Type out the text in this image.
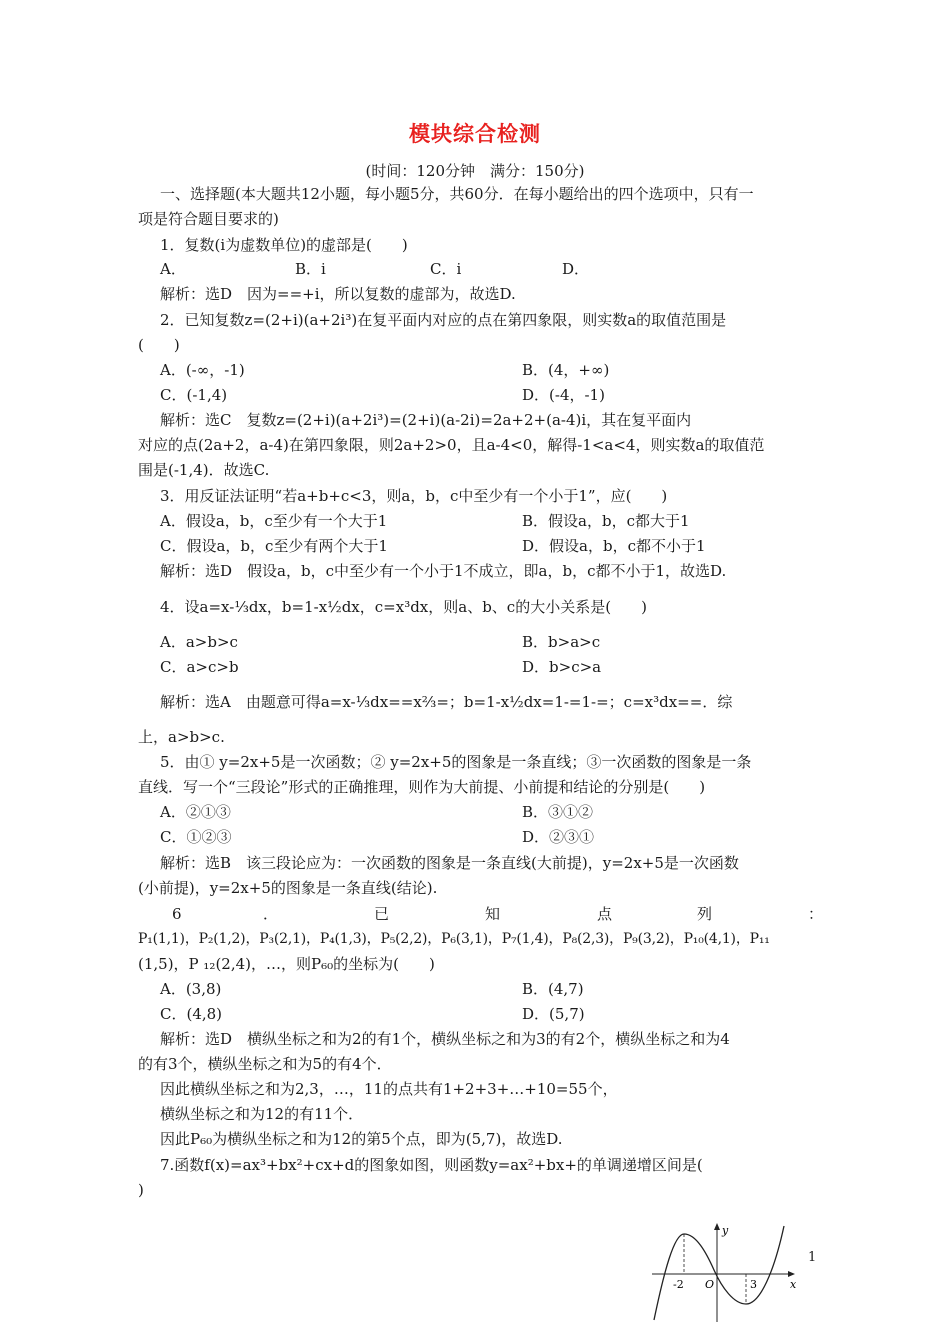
模块综合检测
(时间：120分钟　满分：150分)
一、选择题(本大题共12小题，每小题5分，共60分．在每小题给出的四个选项中，只有一
项是符合题目要求的)
1．复数(i为虚数单位)的虚部是(　　)
A．	B．i	C．i	D．
解析：选D　因为==+i，所以复数的虚部为，故选D.
2．已知复数z=(2+i)(a+2i³)在复平面内对应的点在第四象限，则实数a的取值范围是
(　　)
A．(-∞，-1)	B．(4，+∞)
C．(-1,4)	D．(-4，-1)
解析：选C　复数z=(2+i)(a+2i³)=(2+i)(a-2i)=2a+2+(a-4)i，其在复平面内
对应的点(2a+2，a-4)在第四象限，则2a+2>0，且a-4<0，解得-1<a<4，则实数a的取值范
围是(-1,4)．故选C.
3．用反证法证明“若a+b+c<3，则a，b，c中至少有一个小于1”，应(　　)
A．假设a，b，c至少有一个大于1	B．假设a，b，c都大于1
C．假设a，b，c至少有两个大于1	D．假设a，b，c都不小于1
解析：选D　假设a，b，c中至少有一个小于1不成立，即a，b，c都不小于1，故选D.
4．设a=x-⅓dx，b=1-x½dx，c=x³dx，则a、b、c的大小关系是(　　)
A．a>b>c	B．b>a>c
C．a>c>b	D．b>c>a
解析：选A　由题意可得a=x-⅓dx==x⅔=；b=1-x½dx=1-=1-=；c=x³dx==．综
上，a>b>c.
5．由① y=2x+5是一次函数；② y=2x+5的图象是一条直线；③一次函数的图象是一条
直线．写一个“三段论”形式的正确推理，则作为大前提、小前提和结论的分别是(　　)
A．②①③	B．③①②
C．①②③	D．②③①
解析：选B　该三段论应为：一次函数的图象是一条直线(大前提)，y=2x+5是一次函数
(小前提)，y=2x+5的图象是一条直线(结论).
6	．	已	知	点	列	：
P₁(1,1)，P₂(1,2)，P₃(2,1)，P₄(1,3)，P₅(2,2)，P₆(3,1)，P₇(1,4)，P₈(2,3)，P₉(3,2)，P₁₀(4,1)，P₁₁
(1,5)，P ₁₂(2,4)，…，则P₆₀的坐标为(　　)
A．(3,8)	B．(4,7)
C．(4,8)	D．(5,7)
解析：选D　横纵坐标之和为2的有1个，横纵坐标之和为3的有2个，横纵坐标之和为4
的有3个，横纵坐标之和为5的有4个．
因此横纵坐标之和为2,3，…，11的点共有1+2+3+…+10=55个，
横纵坐标之和为12的有11个．
因此P₆₀为横纵坐标之和为12的第5个点，即为(5,7)，故选D.
7.函数f(x)=ax³+bx²+cx+d的图象如图，则函数y=ax²+bx+的单调递增区间是(
)
y
x
O
-2	3
1
